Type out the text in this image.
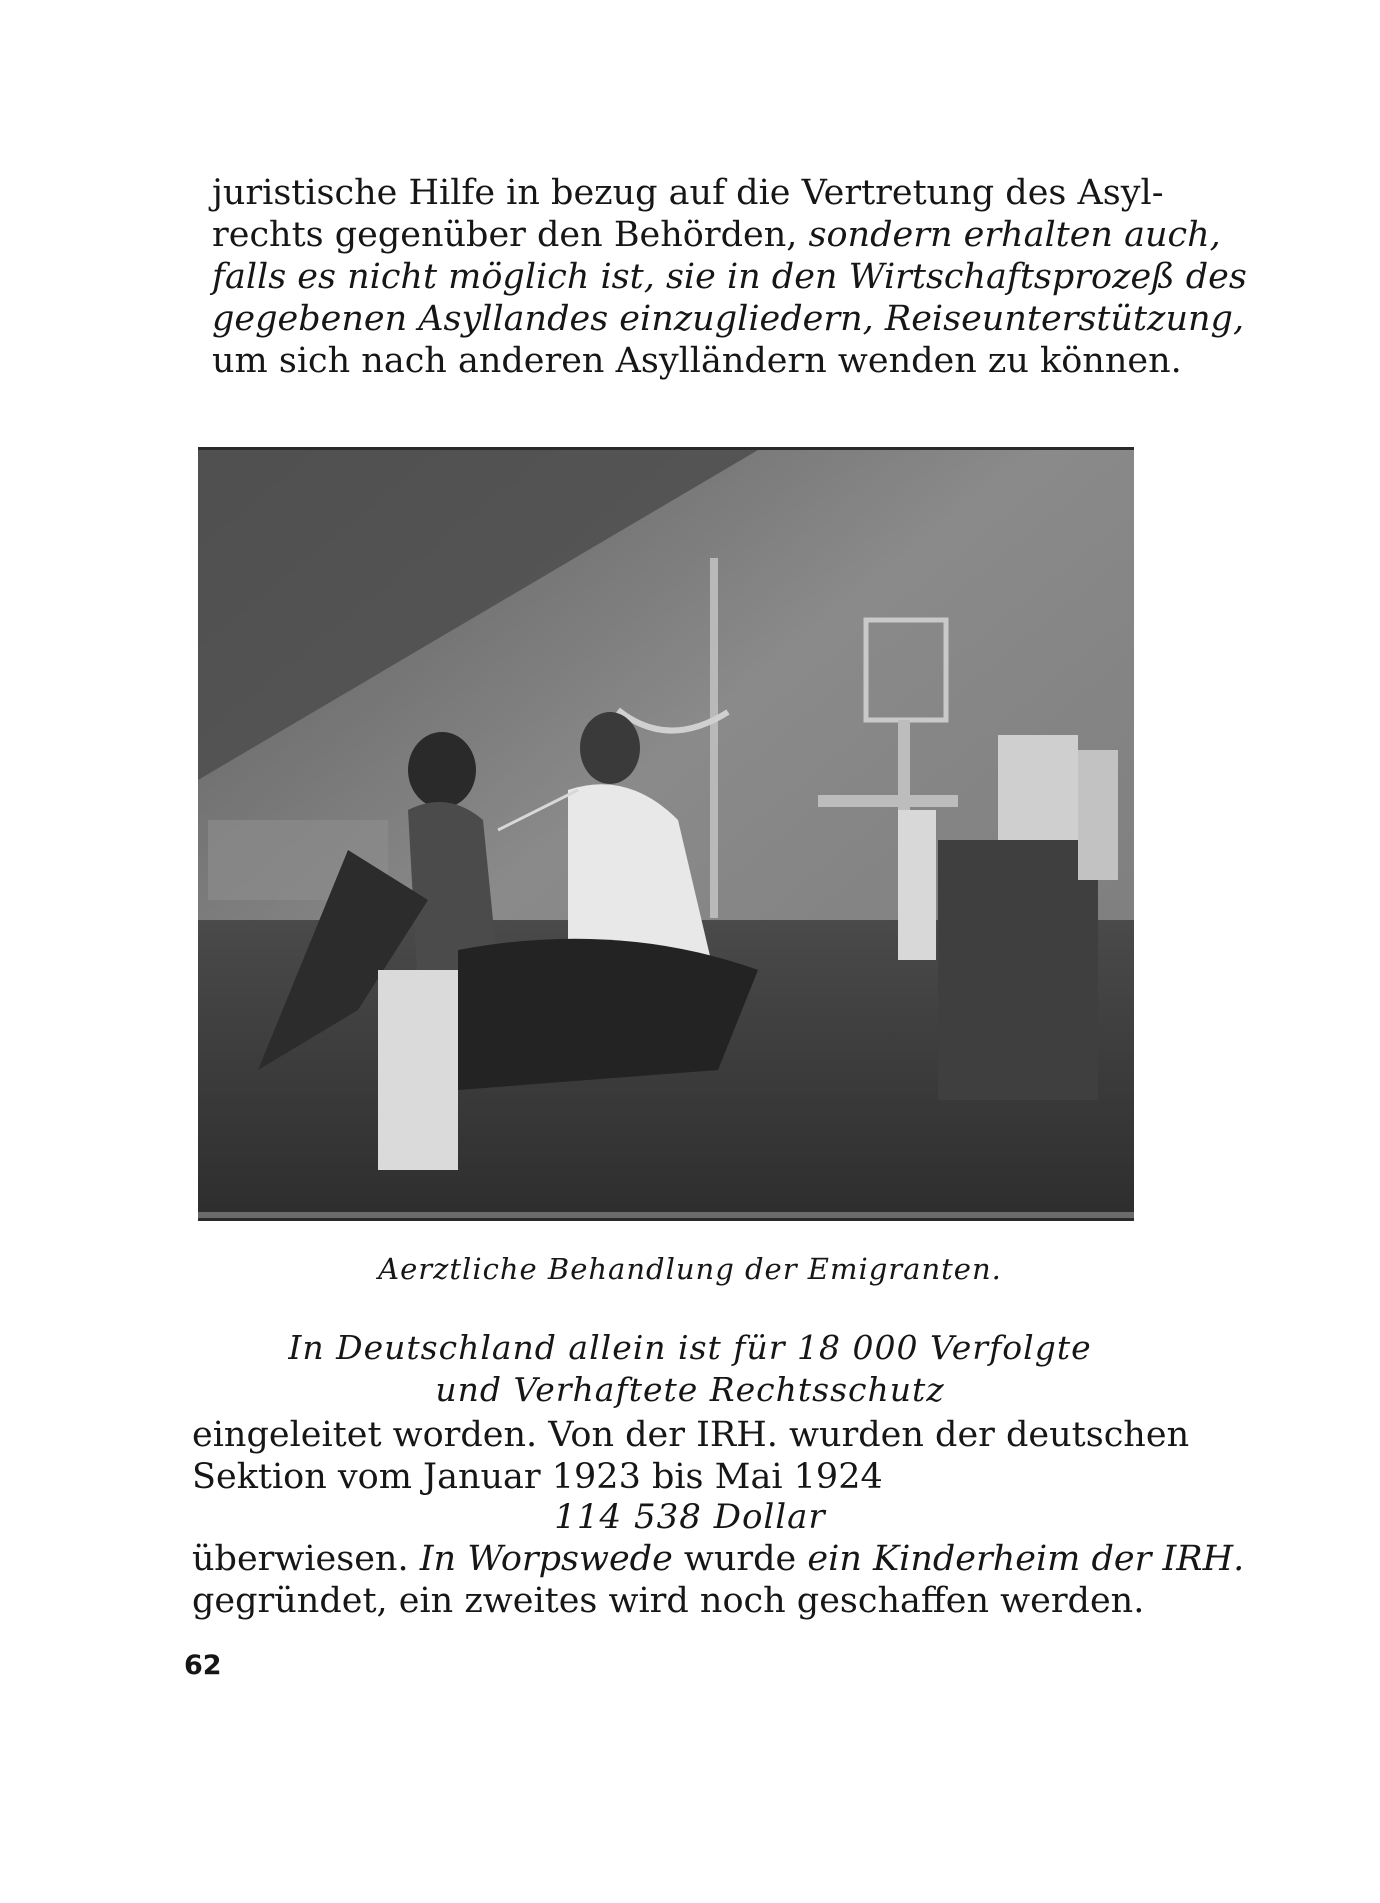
juristische Hilfe in bezug auf die Vertretung des Asyl-
rechts gegenüber den Behörden, sondern erhalten auch,
falls es nicht möglich ist, sie in den Wirtschaftsprozeß des
gegebenen Asyllandes einzugliedern, Reiseunterstützung,
um sich nach anderen Asylländern wenden zu können.
Aerztliche Behandlung der Emigranten.
In Deutschland allein ist für 18 000 Verfolgte
und Verhaftete Rechtsschutz
eingeleitet worden. Von der IRH. wurden der deutschen
Sektion vom Januar 1923 bis Mai 1924
114 538 Dollar
überwiesen. In Worpswede wurde ein Kinderheim der IRH.
gegründet, ein zweites wird noch geschaffen werden.
62
